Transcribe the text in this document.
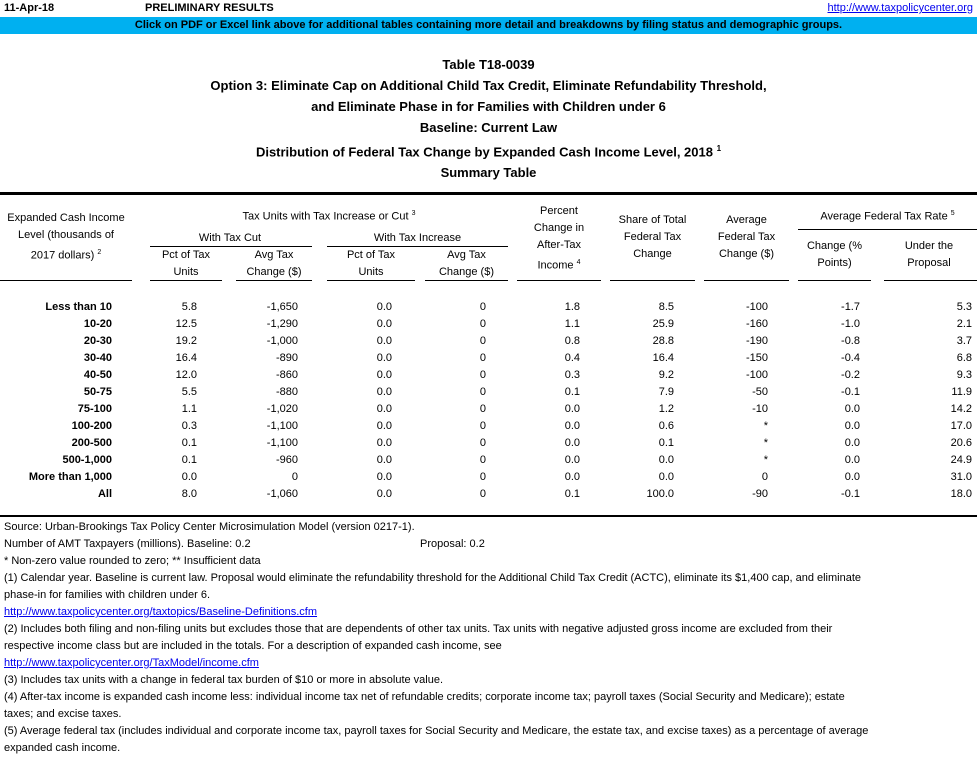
11-Apr-18	PRELIMINARY RESULTS	http://www.taxpolicycenter.org
Click on PDF or Excel link above for additional tables containing more detail and breakdowns by filing status and demographic groups.
Table T18-0039
Option 3: Eliminate Cap on Additional Child Tax Credit, Eliminate Refundability Threshold,
and Eliminate Phase in for Families with Children under 6
Baseline: Current Law
Distribution of Federal Tax Change by Expanded Cash Income Level, 2018 $^1$
Summary Table
Expanded Cash Income
Level (thousands of
2017 dollars) $^2$
Tax Units with Tax Increase or Cut $^3$
With Tax Cut	With Tax Increase
Pct of Tax
Units
Avg Tax
Change ($)
Pct of Tax
Units
Avg Tax
Change ($)
Percent
Change in
After-Tax
Income $^4$
Share of Total
Federal Tax
Change
Average
Federal Tax
Change ($)
Average Federal Tax Rate $^5$
Change (%
Points)
Under the
Proposal
Less than 10	5.8	-1,650	0.0	0	1.8	8.5	-100	-1.7	5.3
10-20	12.5	-1,290	0.0	0	1.1	25.9	-160	-1.0	2.1
20-30	19.2	-1,000	0.0	0	0.8	28.8	-190	-0.8	3.7
30-40	16.4	-890	0.0	0	0.4	16.4	-150	-0.4	6.8
40-50	12.0	-860	0.0	0	0.3	9.2	-100	-0.2	9.3
50-75	5.5	-880	0.0	0	0.1	7.9	-50	-0.1	11.9
75-100	1.1	-1,020	0.0	0	0.0	1.2	-10	0.0	14.2
100-200	0.3	-1,100	0.0	0	0.0	0.6	*	0.0	17.0
200-500	0.1	-1,100	0.0	0	0.0	0.1	*	0.0	20.6
500-1,000	0.1	-960	0.0	0	0.0	0.0	*	0.0	24.9
More than 1,000	0.0	0	0.0	0	0.0	0.0	0	0.0	31.0
All	8.0	-1,060	0.0	0	0.1	100.0	-90	-0.1	18.0
Source: Urban-Brookings Tax Policy Center Microsimulation Model (version 0217-1).
Number of AMT Taxpayers (millions). Baseline: 0.2	Proposal: 0.2
* Non-zero value rounded to zero; ** Insufficient data
(1) Calendar year. Baseline is current law. Proposal would eliminate the refundability threshold for the Additional Child Tax Credit (ACTC), eliminate its $1,400 cap, and eliminate
phase-in for families with children under 6.
http://www.taxpolicycenter.org/taxtopics/Baseline-Definitions.cfm
(2) Includes both filing and non-filing units but excludes those that are dependents of other tax units. Tax units with negative adjusted gross income are excluded from their
respective income class but are included in the totals. For a description of expanded cash income, see
http://www.taxpolicycenter.org/TaxModel/income.cfm
(3) Includes tax units with a change in federal tax burden of $10 or more in absolute value.
(4) After-tax income is expanded cash income less: individual income tax net of refundable credits; corporate income tax; payroll taxes (Social Security and Medicare); estate
taxes; and excise taxes.
(5) Average federal tax (includes individual and corporate income tax, payroll taxes for Social Security and Medicare, the estate tax, and excise taxes) as a percentage of average
expanded cash income.
